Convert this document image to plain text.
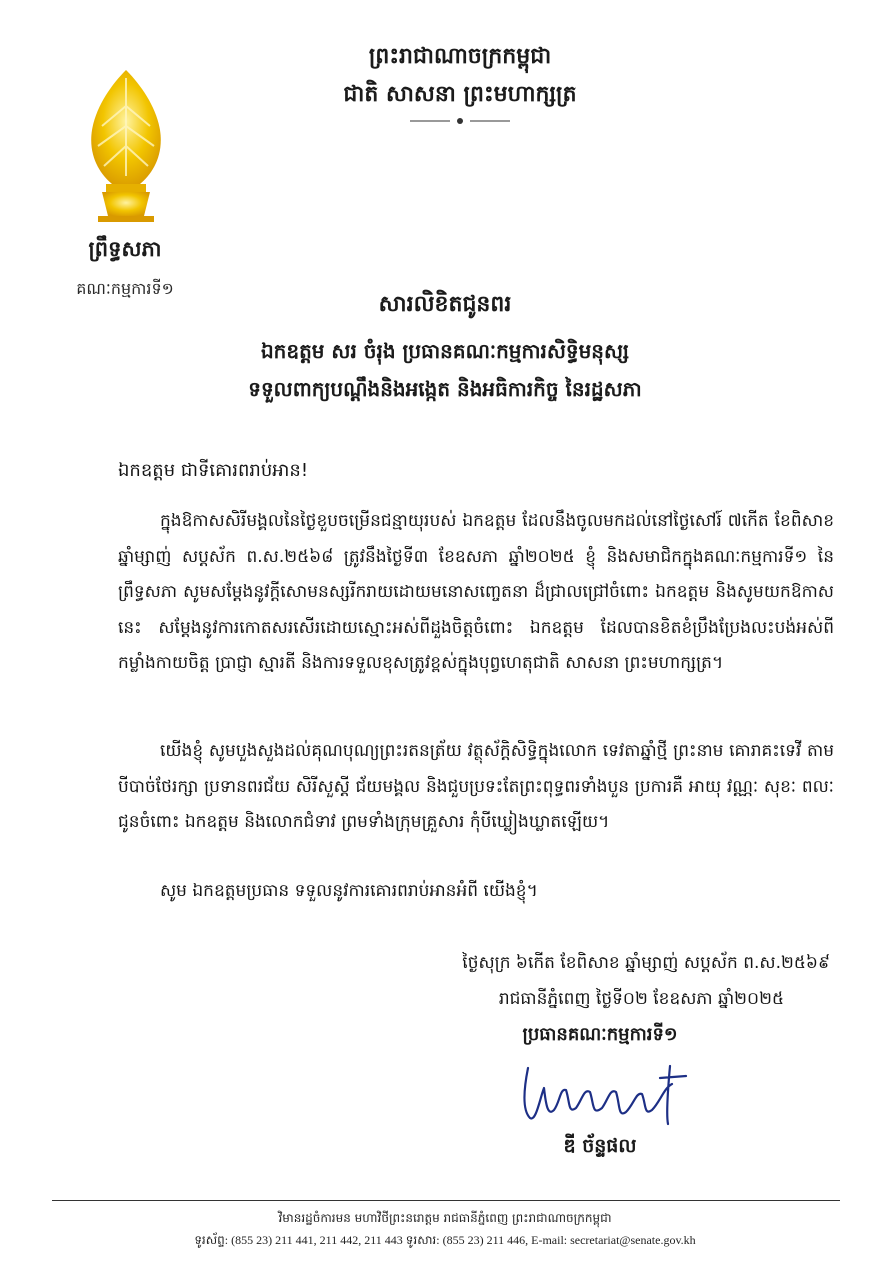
ព្រឹទ្ធសភា
គណៈកម្មការទី១
ព្រះរាជាណាចក្រកម្ពុជា
ជាតិ សាសនា ព្រះមហាក្សត្រ
សារលិខិតជូនពរ
ឯកឧត្តម សរ ចំរុង ប្រធានគណៈកម្មការសិទ្ធិមនុស្ស
ទទួលពាក្យបណ្តឹងនិងអង្កេត និងអធិការកិច្ច នៃរដ្ឋសភា
ឯកឧត្តម ជាទីគោរពរាប់អាន!

ក្នុងឱកាសសិរីមង្គលនៃថ្ងៃខួបចម្រើនជន្មាយុរបស់ ឯកឧត្តម ដែលនឹងចូលមកដល់នៅថ្ងៃសៅរ៍ ៧កើត ខែពិសាខ ឆ្នាំម្សាញ់ សប្តស័ក ព.ស.២៥៦៨ ត្រូវនឹងថ្ងៃទី៣ ខែឧសភា ឆ្នាំ២០២៥ ខ្ញុំ និងសមាជិកក្នុងគណៈកម្មការទី១ នៃព្រឹទ្ធសភា សូមសម្តែងនូវក្តីសោមនស្សរីករាយដោយមនោសញ្ចេតនា ដ៏ជ្រាលជ្រៅចំពោះ ឯកឧត្តម និងសូមយកឱកាសនេះ សម្តែងនូវការកោតសរសើរដោយស្មោះអស់ពីដួងចិត្តចំពោះ ឯកឧត្តម ដែលបានខិតខំប្រឹងប្រែងលះបង់អស់ពីកម្លាំងកាយចិត្ត ប្រាជ្ញា ស្មារតី និងការទទួលខុសត្រូវខ្ពស់ក្នុងបុព្វហេតុជាតិ សាសនា ព្រះមហាក្សត្រ។

យើងខ្ញុំ សូមបួងសួងដល់គុណបុណ្យព្រះរតនត្រ័យ វត្ថុស័ក្តិសិទ្ធិក្នុងលោក ទេវតាឆ្នាំថ្មី ព្រះនាម គោរាគះទេវី តាមបីបាច់ថែរក្សា ប្រទានពរជ័យ សិរីសួស្តី ជ័យមង្គល និងជួបប្រទះតែព្រះពុទ្ធពរទាំងបួន ប្រការគឺ អាយុ វណ្ណៈ សុខៈ ពលៈ ជូនចំពោះ ឯកឧត្តម និងលោកជំទាវ ព្រមទាំងក្រុមគ្រួសារ កុំបីឃ្លៀងឃ្លាតឡើយ។

សូម ឯកឧត្តមប្រធាន ទទួលនូវការគោរពរាប់អានអំពី យើងខ្ញុំ។

ថ្ងៃសុក្រ ៦កើត ខែពិសាខ ឆ្នាំម្សាញ់ សប្តស័ក ព.ស.២៥៦៩
រាជធានីភ្នំពេញ ថ្ងៃទី០២ ខែឧសភា ឆ្នាំ២០២៥
ប្រធានគណៈកម្មការទី១
ឌី ច័ន្ទផល
វិមានរដ្ឋចំការមន មហាវិថីព្រះនរោត្តម រាជធានីភ្នំពេញ ព្រះរាជាណាចក្រកម្ពុជា
ទូរស័ព្ទ: (855 23) 211 441, 211 442, 211 443 ទូរសារ: (855 23) 211 446, E-mail: secretariat@senate.gov.kh
